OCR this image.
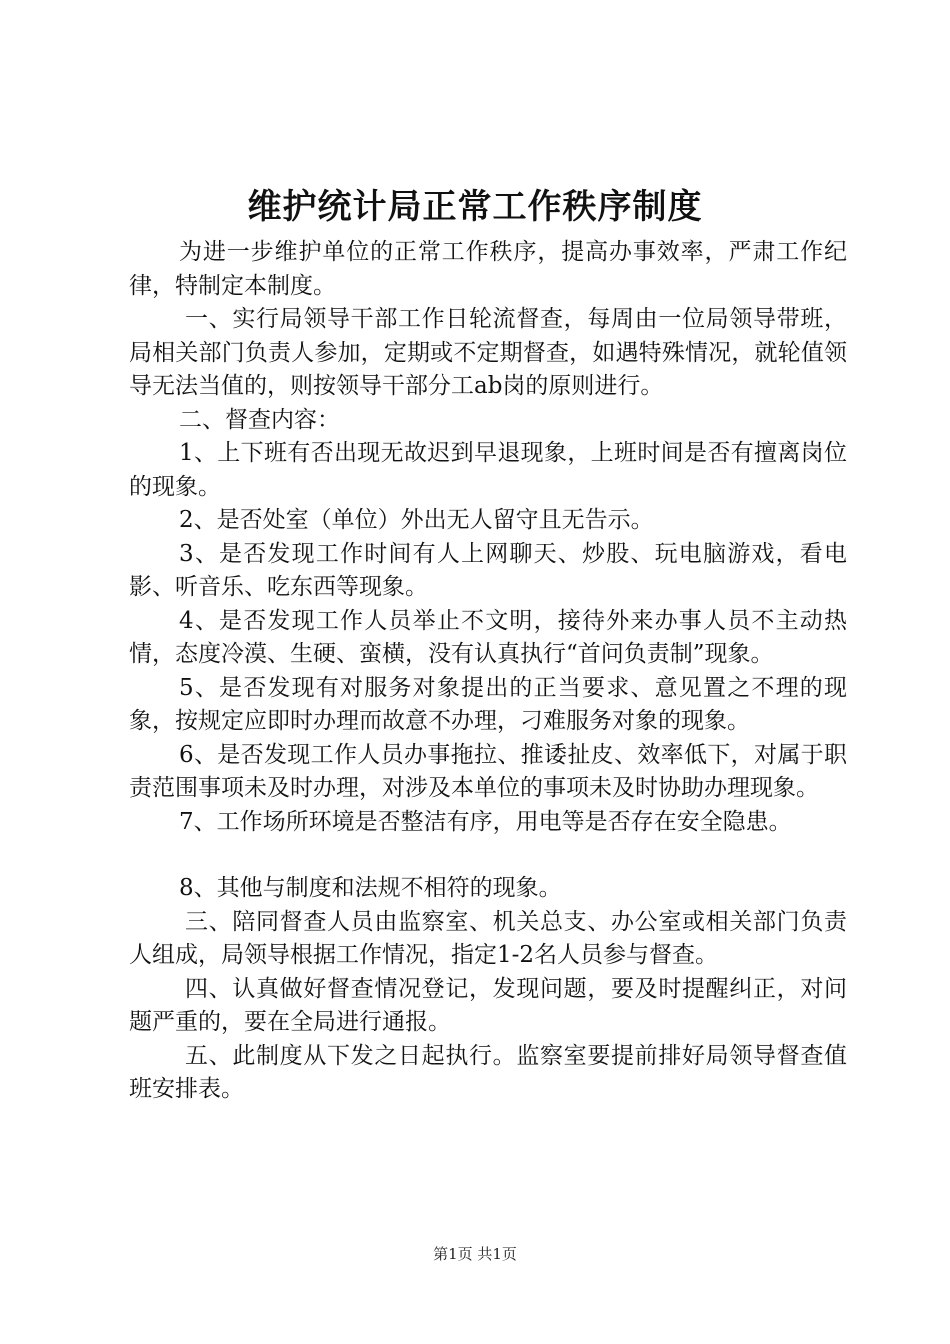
维护统计局正常工作秩序制度

为进一步维护单位的正常工作秩序，提高办事效率，严肃工作纪律，特制定本制度。

一、实行局领导干部工作日轮流督查，每周由一位局领导带班，局相关部门负责人参加，定期或不定期督查，如遇特殊情况，就轮值领导无法当值的，则按领导干部分工ab岗的原则进行。

二、督查内容：

1、上下班有否出现无故迟到早退现象，上班时间是否有擅离岗位的现象。

2、是否处室（单位）外出无人留守且无告示。

3、是否发现工作时间有人上网聊天、炒股、玩电脑游戏，看电影、听音乐、吃东西等现象。

4、是否发现工作人员举止不文明，接待外来办事人员不主动热情，态度冷漠、生硬、蛮横，没有认真执行“首问负责制”现象。

5、是否发现有对服务对象提出的正当要求、意见置之不理的现象，按规定应即时办理而故意不办理，刁难服务对象的现象。

6、是否发现工作人员办事拖拉、推诿扯皮、效率低下，对属于职责范围事项未及时办理，对涉及本单位的事项未及时协助办理现象。

7、工作场所环境是否整洁有序，用电等是否存在安全隐患。

8、其他与制度和法规不相符的现象。

三、陪同督查人员由监察室、机关总支、办公室或相关部门负责人组成，局领导根据工作情况，指定1-2名人员参与督查。

四、认真做好督查情况登记，发现问题，要及时提醒纠正，对问题严重的，要在全局进行通报。

五、此制度从下发之日起执行。监察室要提前排好局领导督查值班安排表。

第1页 共1页
